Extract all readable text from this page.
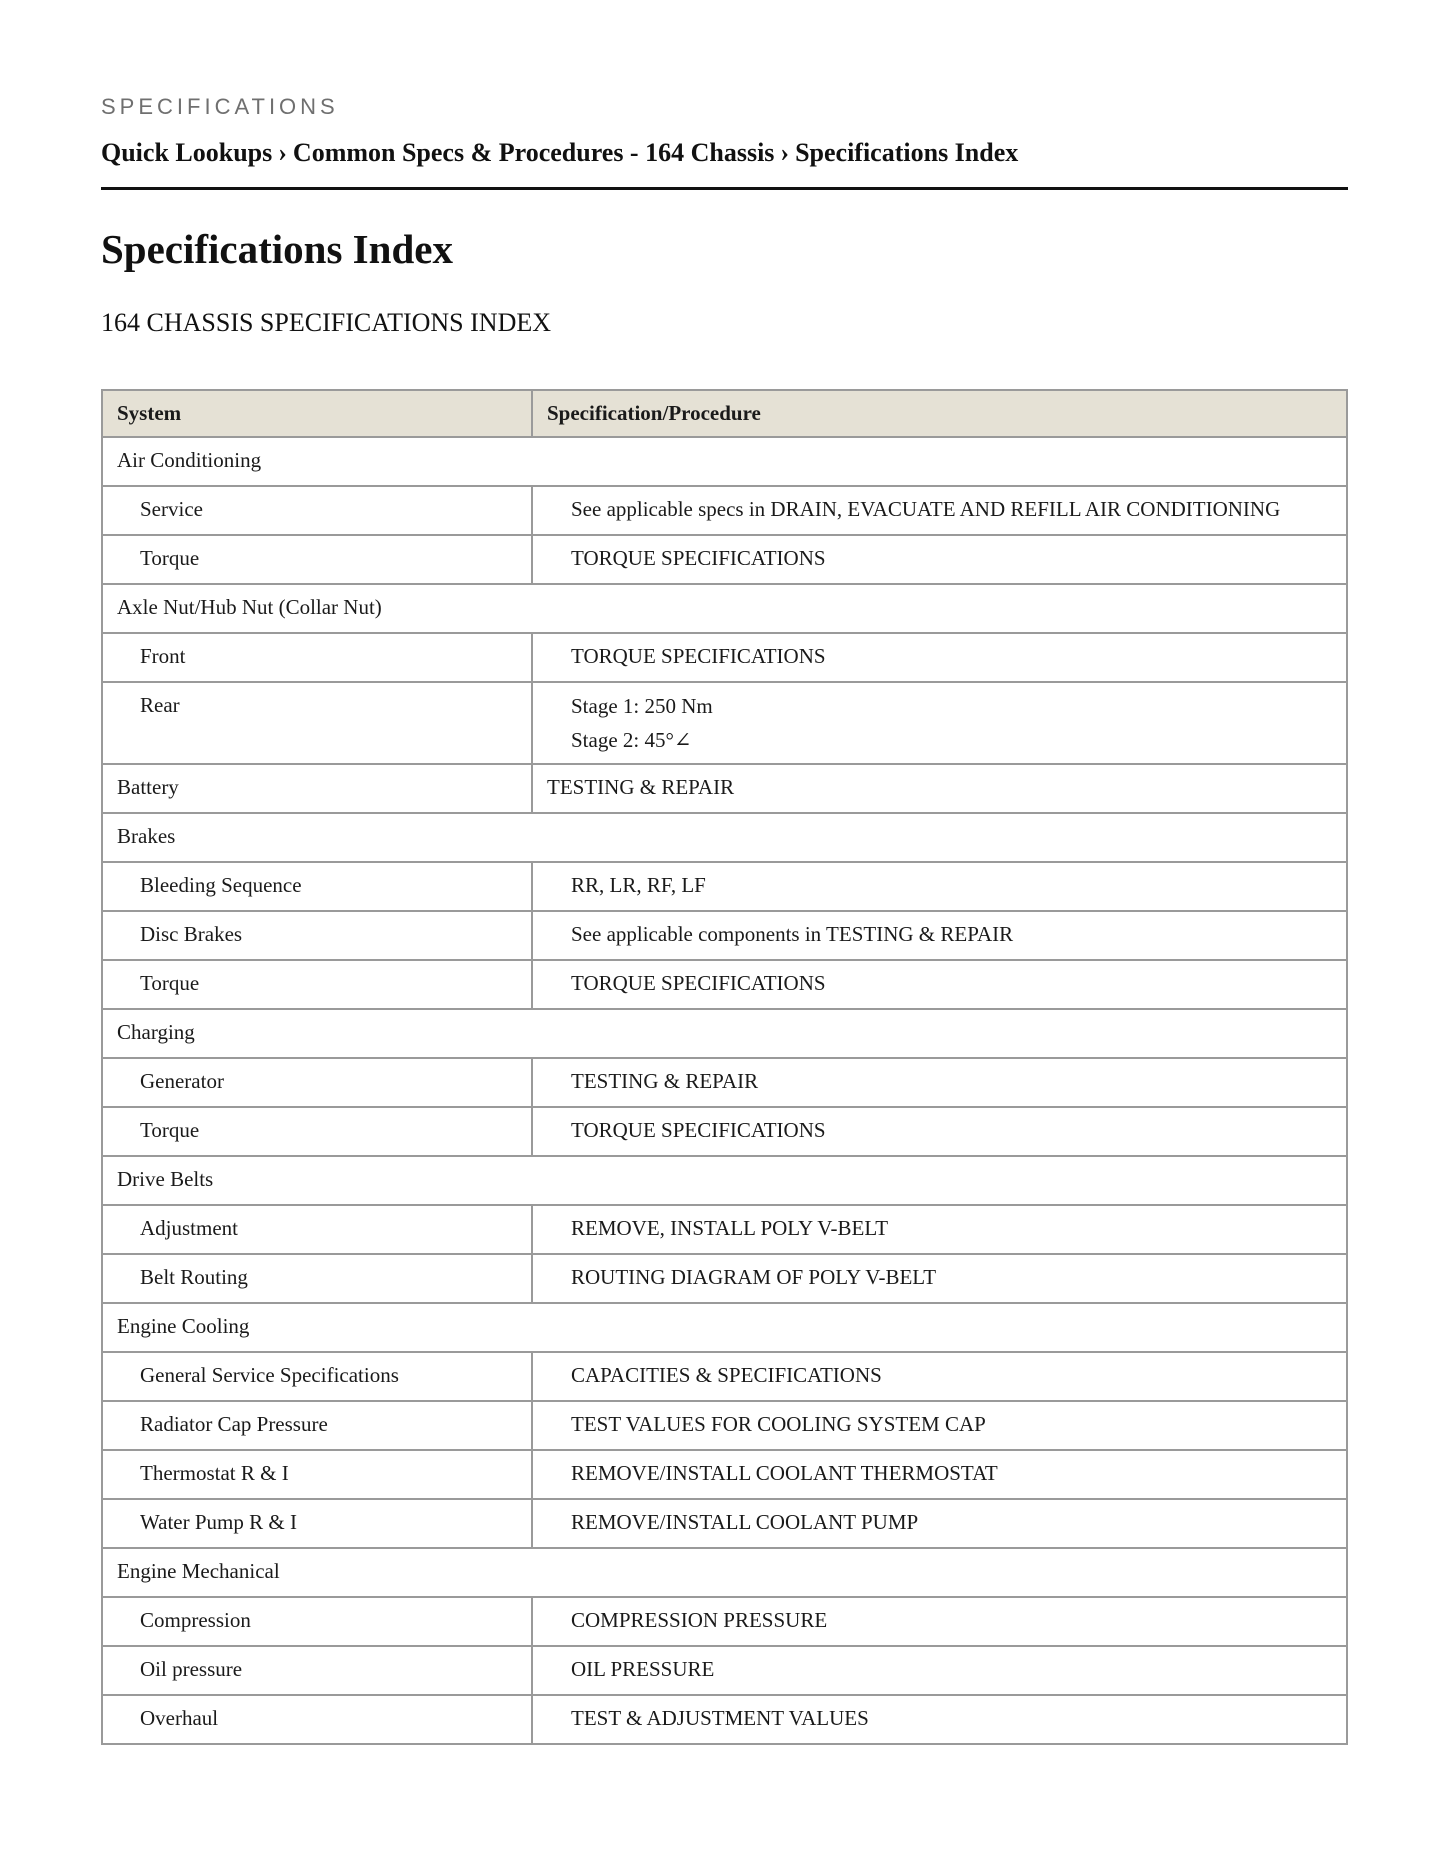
SPECIFICATIONS
Quick Lookups › Common Specs & Procedures - 164 Chassis › Specifications Index
Specifications Index
164 CHASSIS SPECIFICATIONS INDEX
System	Specification/Procedure
Air Conditioning	
Service	See applicable specs in DRAIN, EVACUATE AND REFILL AIR CONDITIONING
Torque	TORQUE SPECIFICATIONS
Axle Nut/Hub Nut (Collar Nut)	
Front	TORQUE SPECIFICATIONS
Rear	Stage 1: 250 Nm
Stage 2: 45°∠

Battery	TESTING & REPAIR
Brakes	
Bleeding Sequence	RR, LR, RF, LF
Disc Brakes	See applicable components in TESTING & REPAIR
Torque	TORQUE SPECIFICATIONS
Charging	
Generator	TESTING & REPAIR
Torque	TORQUE SPECIFICATIONS
Drive Belts	
Adjustment	REMOVE, INSTALL POLY V-BELT
Belt Routing	ROUTING DIAGRAM OF POLY V-BELT
Engine Cooling	
General Service Specifications	CAPACITIES & SPECIFICATIONS
Radiator Cap Pressure	TEST VALUES FOR COOLING SYSTEM CAP
Thermostat R & I	REMOVE/INSTALL COOLANT THERMOSTAT
Water Pump R & I	REMOVE/INSTALL COOLANT PUMP
Engine Mechanical	
Compression	COMPRESSION PRESSURE
Oil pressure	OIL PRESSURE
Overhaul	TEST & ADJUSTMENT VALUES
